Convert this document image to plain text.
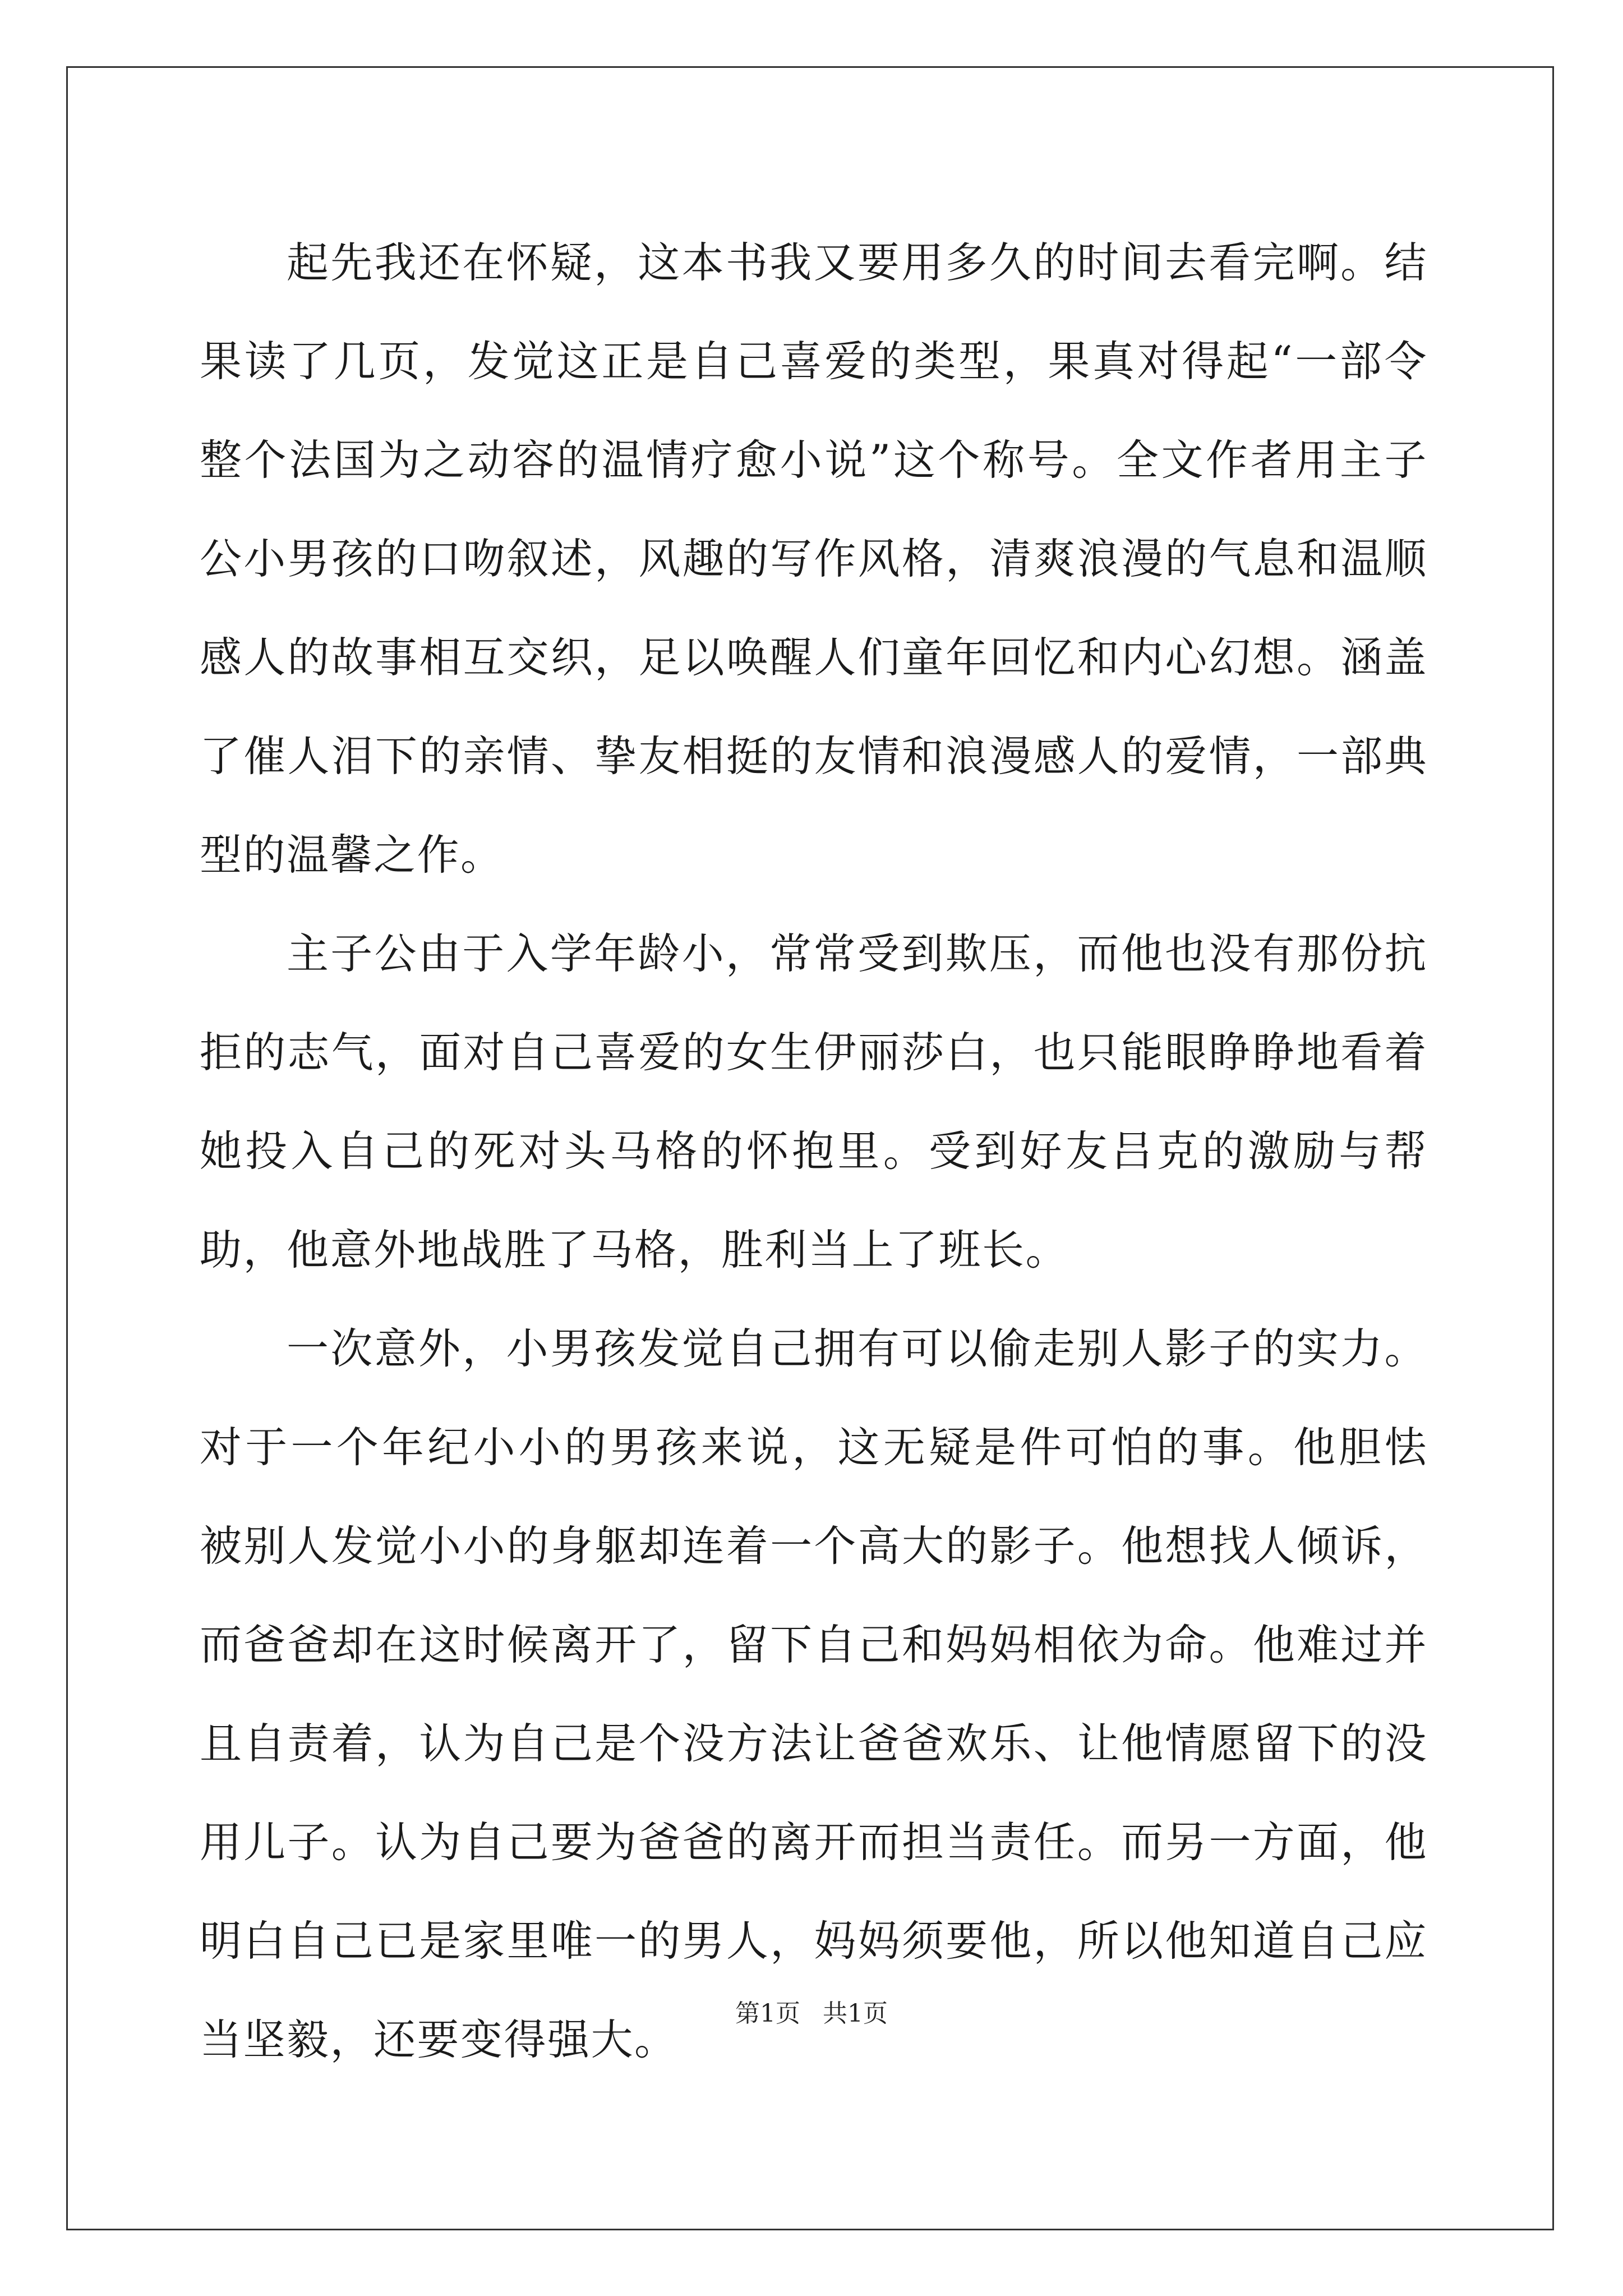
起先我还在怀疑，这本书我又要用多久的时间去看完啊。结果读了几页，发觉这正是自己喜爱的类型，果真对得起“一部令整个法国为之动容的温情疗愈小说”这个称号。全文作者用主子公小男孩的口吻叙述，风趣的写作风格，清爽浪漫的气息和温顺感人的故事相互交织，足以唤醒人们童年回忆和内心幻想。涵盖了催人泪下的亲情、挚友相挺的友情和浪漫感人的爱情，一部典型的温馨之作。

主子公由于入学年龄小，常常受到欺压，而他也没有那份抗拒的志气，面对自己喜爱的女生伊丽莎白，也只能眼睁睁地看着她投入自己的死对头马格的怀抱里。受到好友吕克的激励与帮助，他意外地战胜了马格，胜利当上了班长。

一次意外，小男孩发觉自己拥有可以偷走别人影子的实力。对于一个年纪小小的男孩来说，这无疑是件可怕的事。他胆怯 被别人发觉小小的身躯却连着一个高大的影子。他想找人倾诉，而爸爸却在这时候离开了，留下自己和妈妈相依为命。他难过并且自责着，认为自己是个没方法让爸爸欢乐、让他情愿留下的没用儿子。认为自己要为爸爸的离开而担当责任。而另一方面，他明白自己已是家里唯一的男人，妈妈须要他，所以他知道自己应当坚毅，还要变得强大。

第1页 共1页
